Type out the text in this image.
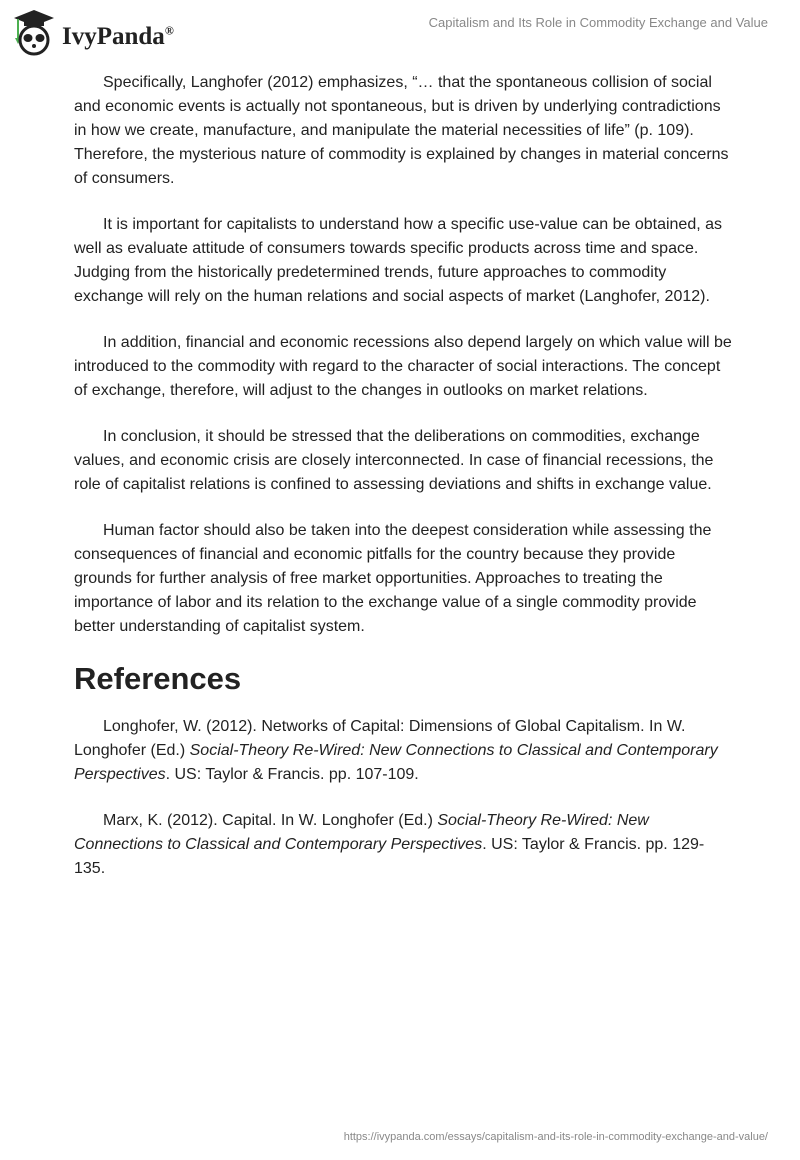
IvyPanda®
Capitalism and Its Role in Commodity Exchange and Value

Specifically, Langhofer (2012) emphasizes, “… that the spontaneous collision of social and economic events is actually not spontaneous, but is driven by underlying contradictions in how we create, manufacture, and manipulate the material necessities of life” (p. 109). Therefore, the mysterious nature of commodity is explained by changes in material concerns of consumers.

It is important for capitalists to understand how a specific use-value can be obtained, as well as evaluate attitude of consumers towards specific products across time and space. Judging from the historically predetermined trends, future approaches to commodity exchange will rely on the human relations and social aspects of market (Langhofer, 2012).

In addition, financial and economic recessions also depend largely on which value will be introduced to the commodity with regard to the character of social interactions. The concept of exchange, therefore, will adjust to the changes in outlooks on market relations.

In conclusion, it should be stressed that the deliberations on commodities, exchange values, and economic crisis are closely interconnected. In case of financial recessions, the role of capitalist relations is confined to assessing deviations and shifts in exchange value.

Human factor should also be taken into the deepest consideration while assessing the consequences of financial and economic pitfalls for the country because they provide grounds for further analysis of free market opportunities. Approaches to treating the importance of labor and its relation to the exchange value of a single commodity provide better understanding of capitalist system.

References

Longhofer, W. (2012). Networks of Capital: Dimensions of Global Capitalism. In W. Longhofer (Ed.) Social-Theory Re-Wired: New Connections to Classical and Contemporary Perspectives. US: Taylor & Francis. pp. 107-109.

Marx, K. (2012). Capital. In W. Longhofer (Ed.) Social-Theory Re-Wired: New Connections to Classical and Contemporary Perspectives. US: Taylor & Francis. pp. 129-135.

https://ivypanda.com/essays/capitalism-and-its-role-in-commodity-exchange-and-value/
